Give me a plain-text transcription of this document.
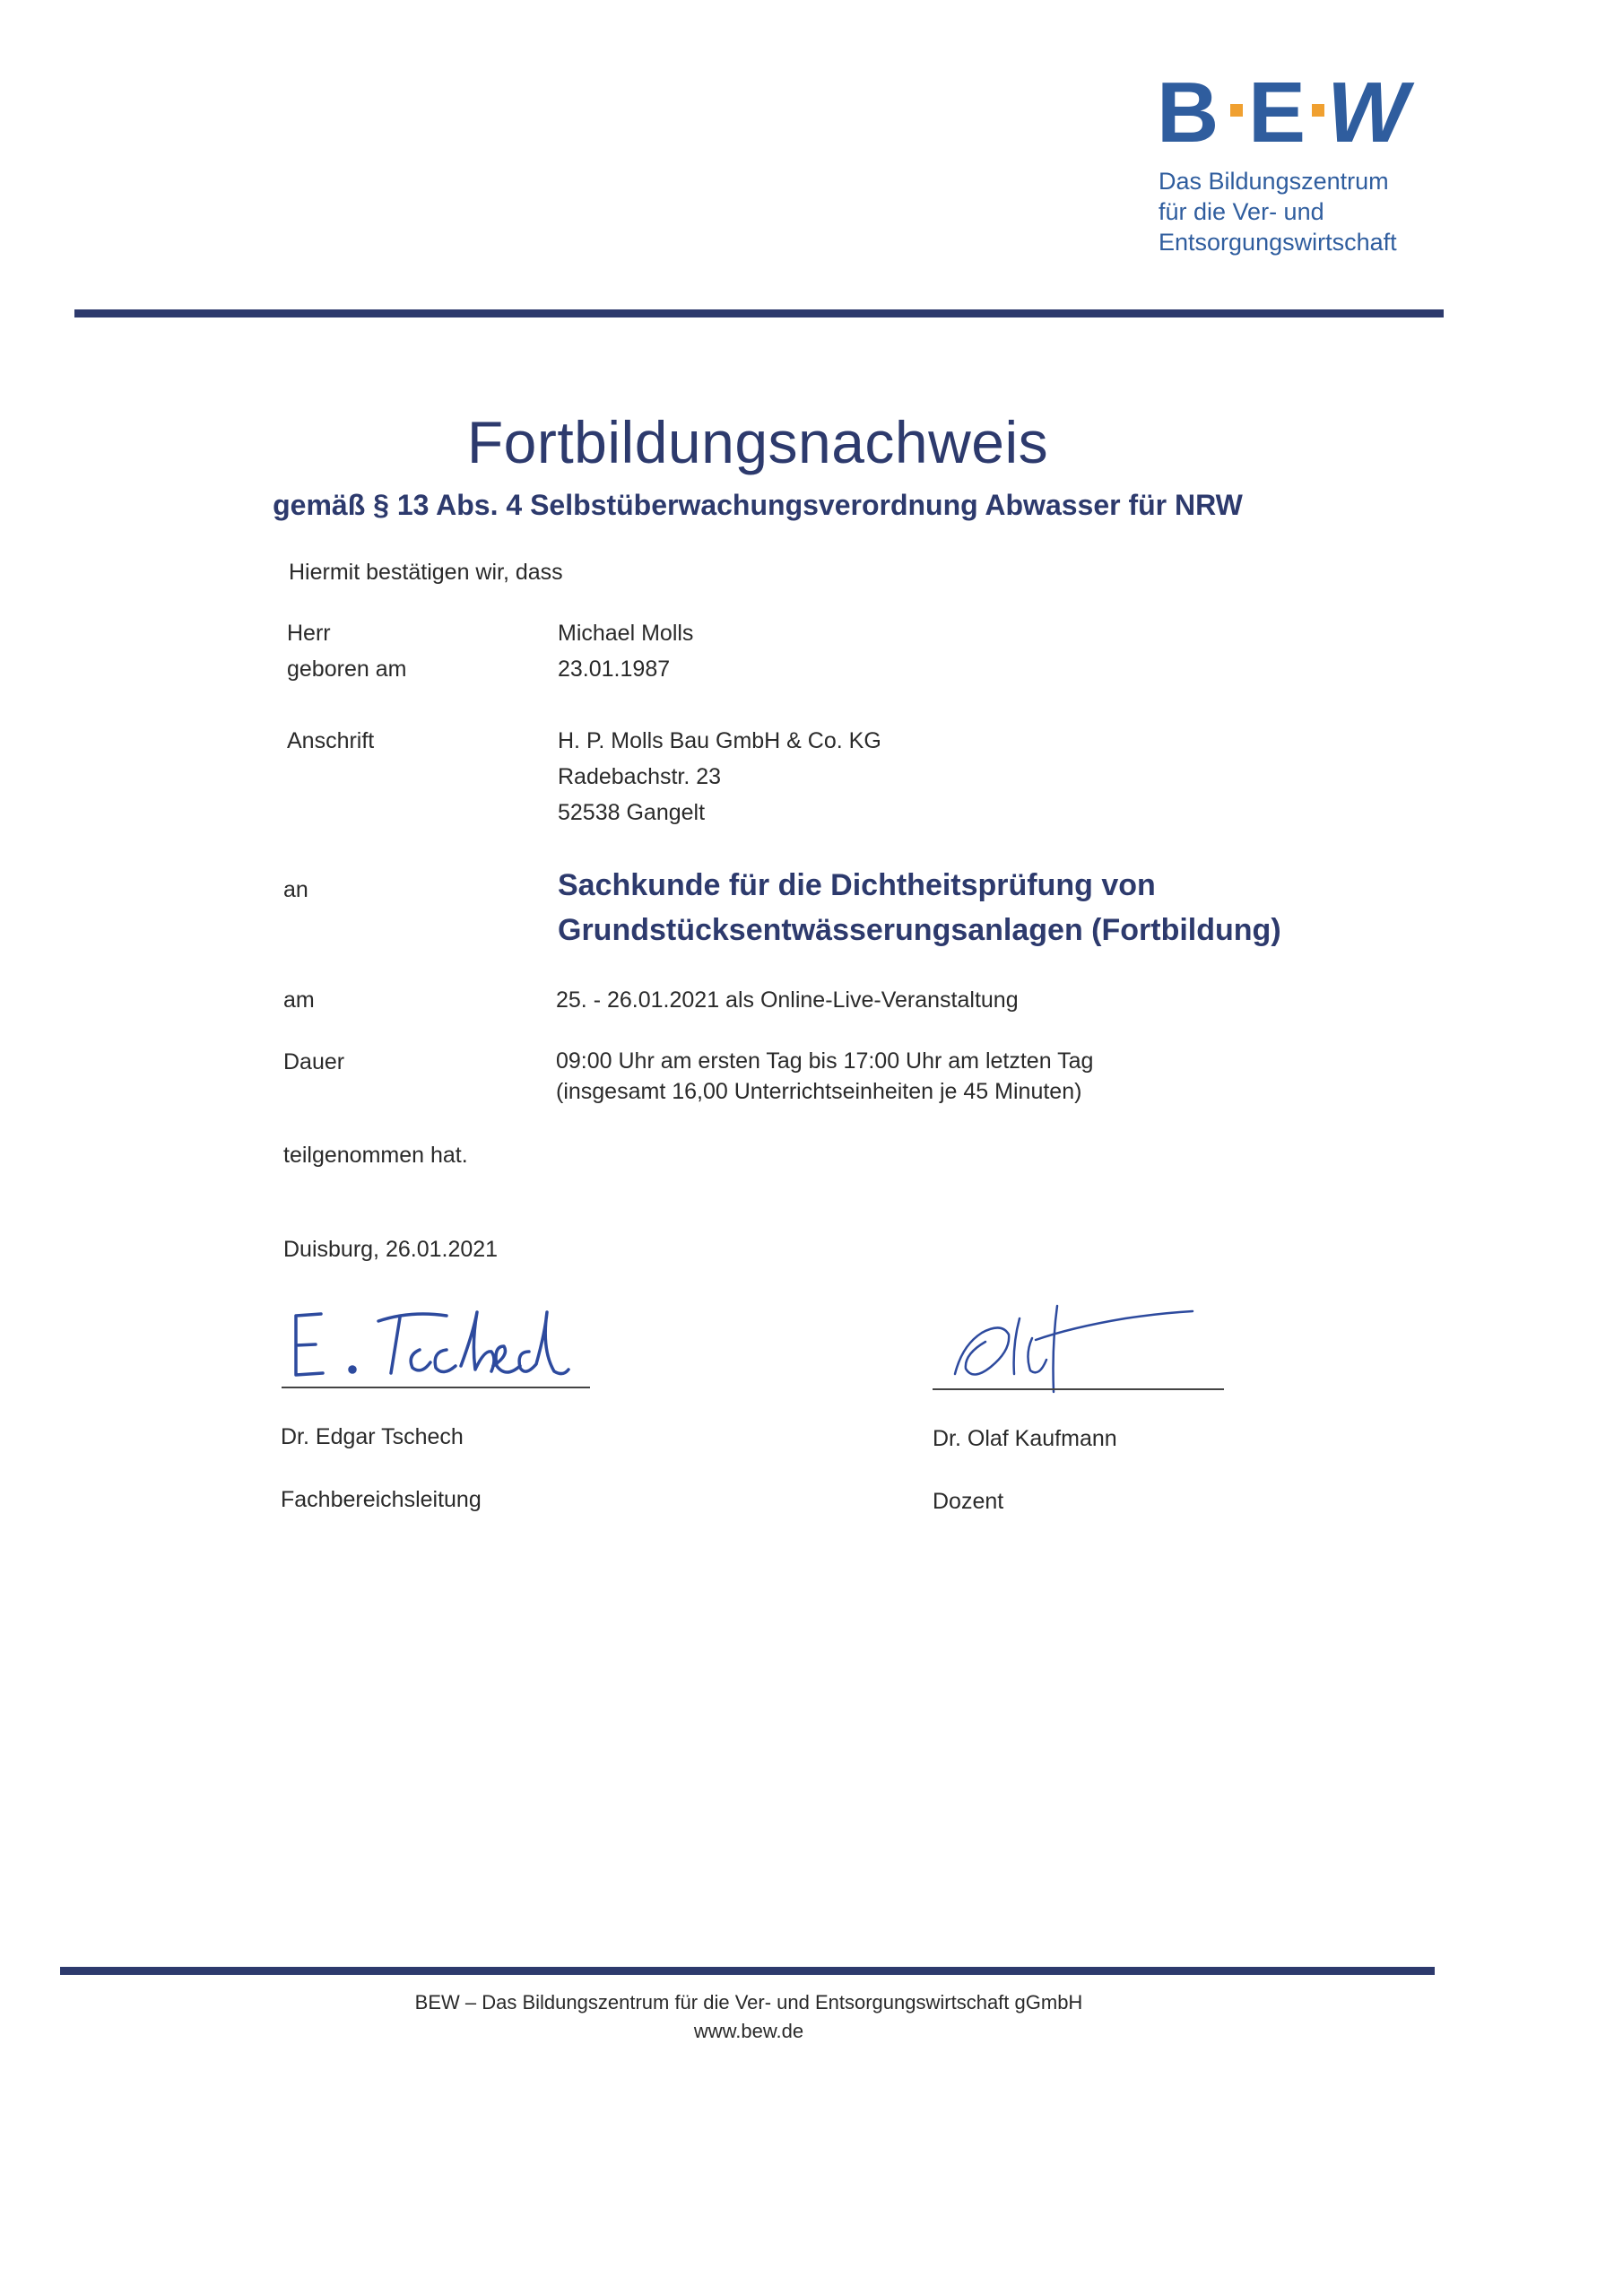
B E W
Das Bildungszentrum
für die Ver- und
Entsorgungswirtschaft
Fortbildungsnachweis
gemäß § 13 Abs. 4 Selbstüberwachungsverordnung Abwasser für NRW
Hiermit bestätigen wir, dass
Herr	Michael Molls
geboren am	23.01.1987
Anschrift	H. P. Molls Bau GmbH & Co. KG
Radebachstr. 23
52538 Gangelt
an	Sachkunde für die Dichtheitsprüfung von
Grundstücksentwässerungsanlagen (Fortbildung)
am	25. - 26.01.2021 als Online-Live-Veranstaltung
Dauer	09:00 Uhr am ersten Tag bis 17:00 Uhr am letzten Tag
(insgesamt 16,00 Unterrichtseinheiten je 45 Minuten)
teilgenommen hat.
Duisburg, 26.01.2021

Dr. Edgar Tschech

Fachbereichsleitung

Dr. Olaf Kaufmann

Dozent

BEW – Das Bildungszentrum für die Ver- und Entsorgungswirtschaft gGmbH
www.bew.de
